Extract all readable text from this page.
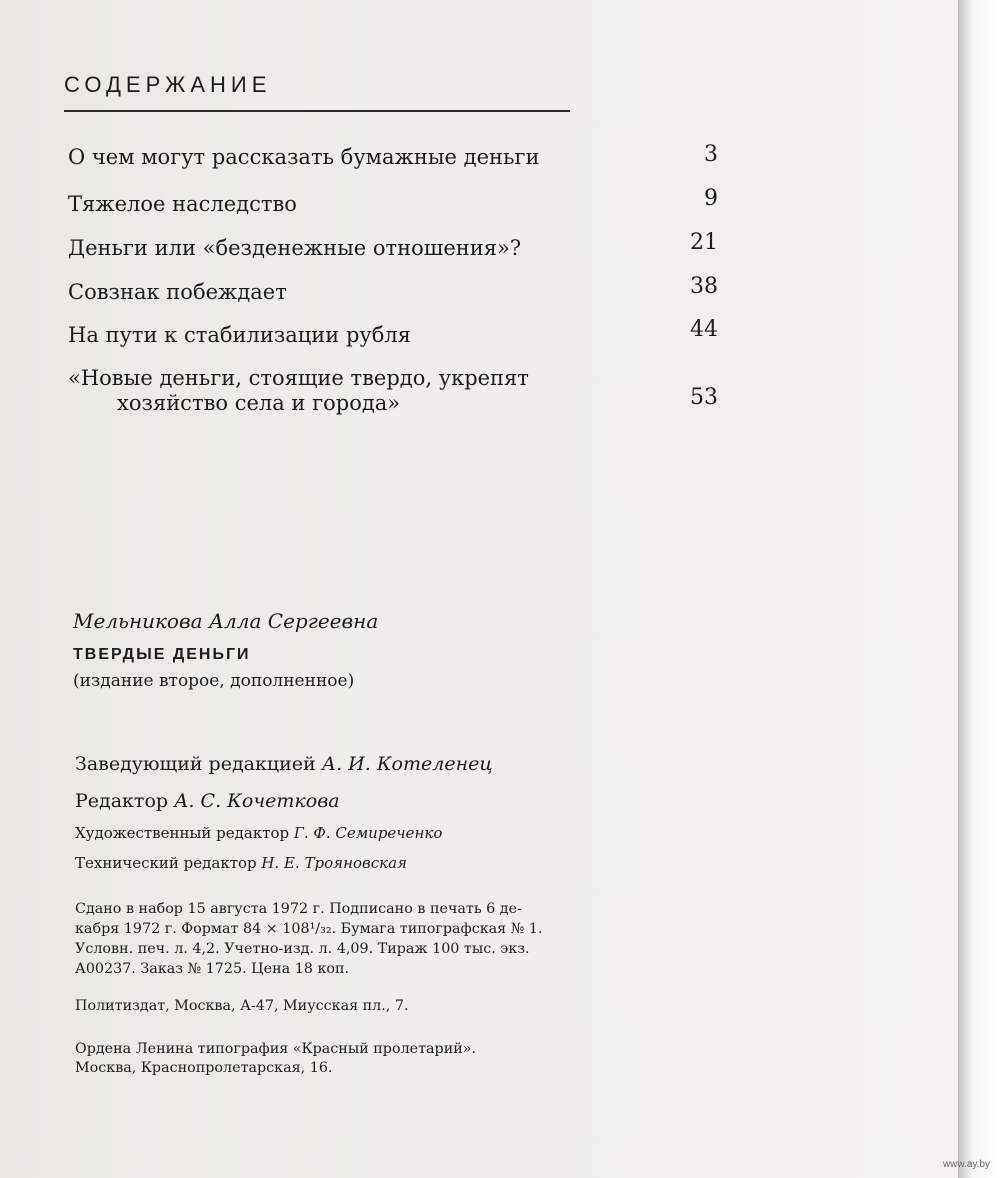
СОДЕРЖАНИЕ
О чем могут рассказать бумажные деньги	3
Тяжелое наследство	9
Деньги или «безденежные отношения»?	21
Совзнак побеждает	38
На пути к стабилизации рубля	44
«Новые деньги, стоящие твердо, укрепят
хозяйство села и города»	53
Мельникова Алла Сергеевна
ТВЕРДЫЕ ДЕНЬГИ
(издание второе, дополненное)
Заведующий редакцией А. И. Котеленец
Редактор А. С. Кочеткова
Художественный редактор Г. Ф. Семиреченко
Технический редактор Н. Е. Трояновская
Сдано в набор 15 августа 1972 г. Подписано в печать 6 де-
кабря 1972 г. Формат 84 × 108¹/₃₂. Бумага типографская № 1.
Условн. печ. л. 4,2. Учетно-изд. л. 4,09. Тираж 100 тыс. экз.
А00237. Заказ № 1725. Цена 18 коп.
Политиздат, Москва, А-47, Миусская пл., 7.
Ордена Ленина типография «Красный пролетарий».
Москва, Краснопролетарская, 16.
www.ay.by
